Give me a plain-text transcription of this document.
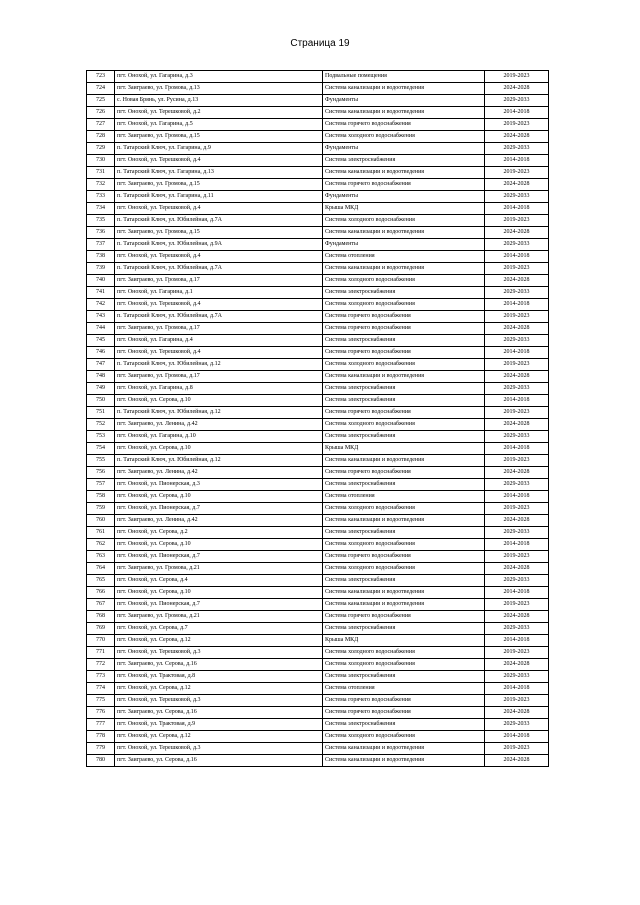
Страница 19
723	пгт. Онохой, ул. Гагарина, д.3	Подвальные помещения	2019-2023
724	пгт. Заиграево, ул. Громова, д.13	Система канализации и водоотведения	2024-2028
725	с. Новая Брянь, ул. Русина, д.13	Фундаменты	2029-2033
726	пгт. Онохой, ул. Терешковой, д.2	Система канализации и водоотведения	2014-2018
727	пгт. Онохой, ул. Гагарина, д.5	Система горячего водоснабжения	2019-2023
728	пгт. Заиграево, ул. Громова, д.15	Система холодного водоснабжения	2024-2028
729	п. Татарский Ключ, ул. Гагарина, д.9	Фундаменты	2029-2033
730	пгт. Онохой, ул. Терешковой, д.4	Система электроснабжения	2014-2018
731	п. Татарский Ключ, ул. Гагарина, д.13	Система канализации и водоотведения	2019-2023
732	пгт. Заиграево, ул. Громова, д.15	Система горячего водоснабжения	2024-2028
733	п. Татарский Ключ, ул. Гагарина, д.11	Фундаменты	2029-2033
734	пгт. Онохой, ул. Терешковой, д.4	Крыша МКД	2014-2018
735	п. Татарский Ключ, ул. Юбилейная, д.7А	Система холодного водоснабжения	2019-2023
736	пгт. Заиграево, ул. Громова, д.15	Система канализации и водоотведения	2024-2028
737	п. Татарский Ключ, ул. Юбилейная, д.9А	Фундаменты	2029-2033
738	пгт. Онохой, ул. Терешковой, д.4	Система отопления	2014-2018
739	п. Татарский Ключ, ул. Юбилейная, д.7А	Система канализации и водоотведения	2019-2023
740	пгт. Заиграево, ул. Громова, д.17	Система холодного водоснабжения	2024-2028
741	пгт. Онохой, ул. Гагарина, д.1	Система электроснабжения	2029-2033
742	пгт. Онохой, ул. Терешковой, д.4	Система холодного водоснабжения	2014-2018
743	п. Татарский Ключ, ул. Юбилейная, д.7А	Система горячего водоснабжения	2019-2023
744	пгт. Заиграево, ул. Громова, д.17	Система горячего водоснабжения	2024-2028
745	пгт. Онохой, ул. Гагарина, д.4	Система электроснабжения	2029-2033
746	пгт. Онохой, ул. Терешковой, д.4	Система горячего водоснабжения	2014-2018
747	п. Татарский Ключ, ул. Юбилейная, д.12	Система холодного водоснабжения	2019-2023
748	пгт. Заиграево, ул. Громова, д.17	Система канализации и водоотведения	2024-2028
749	пгт. Онохой, ул. Гагарина, д.8	Система электроснабжения	2029-2033
750	пгт. Онохой, ул. Серова, д.10	Система электроснабжения	2014-2018
751	п. Татарский Ключ, ул. Юбилейная, д.12	Система горячего водоснабжения	2019-2023
752	пгт. Заиграево, ул. Ленина, д.42	Система холодного водоснабжения	2024-2028
753	пгт. Онохой, ул. Гагарина, д.10	Система электроснабжения	2029-2033
754	пгт. Онохой, ул. Серова, д.10	Крыша МКД	2014-2018
755	п. Татарский Ключ, ул. Юбилейная, д.12	Система канализации и водоотведения	2019-2023
756	пгт. Заиграево, ул. Ленина, д.42	Система горячего водоснабжения	2024-2028
757	пгт. Онохой, ул. Пионерская, д.3	Система электроснабжения	2029-2033
758	пгт. Онохой, ул. Серова, д.10	Система отопления	2014-2018
759	пгт. Онохой, ул. Пионерская, д.7	Система холодного водоснабжения	2019-2023
760	пгт. Заиграево, ул. Ленина, д.42	Система канализации и водоотведения	2024-2028
761	пгт. Онохой, ул. Серова, д.2	Система электроснабжения	2029-2033
762	пгт. Онохой, ул. Серова, д.10	Система холодного водоснабжения	2014-2018
763	пгт. Онохой, ул. Пионерская, д.7	Система горячего водоснабжения	2019-2023
764	пгт. Заиграево, ул. Громова, д.21	Система холодного водоснабжения	2024-2028
765	пгт. Онохой, ул. Серова, д.4	Система электроснабжения	2029-2033
766	пгт. Онохой, ул. Серова, д.10	Система канализации и водоотведения	2014-2018
767	пгт. Онохой, ул. Пионерская, д.7	Система канализации и водоотведения	2019-2023
768	пгт. Заиграево, ул. Громова, д.21	Система горячего водоснабжения	2024-2028
769	пгт. Онохой, ул. Серова, д.7	Система электроснабжения	2029-2033
770	пгт. Онохой, ул. Серова, д.12	Крыша МКД	2014-2018
771	пгт. Онохой, ул. Терешковой, д.3	Система холодного водоснабжения	2019-2023
772	пгт. Заиграево, ул. Серова, д.16	Система холодного водоснабжения	2024-2028
773	пгт. Онохой, ул. Трактовая, д.8	Система электроснабжения	2029-2033
774	пгт. Онохой, ул. Серова, д.12	Система отопления	2014-2018
775	пгт. Онохой, ул. Терешковой, д.3	Система горячего водоснабжения	2019-2023
776	пгт. Заиграево, ул. Серова, д.16	Система горячего водоснабжения	2024-2028
777	пгт. Онохой, ул. Трактовая, д.9	Система электроснабжения	2029-2033
778	пгт. Онохой, ул. Серова, д.12	Система холодного водоснабжения	2014-2018
779	пгт. Онохой, ул. Терешковой, д.3	Система канализации и водоотведения	2019-2023
780	пгт. Заиграево, ул. Серова, д.16	Система канализации и водоотведения	2024-2028
